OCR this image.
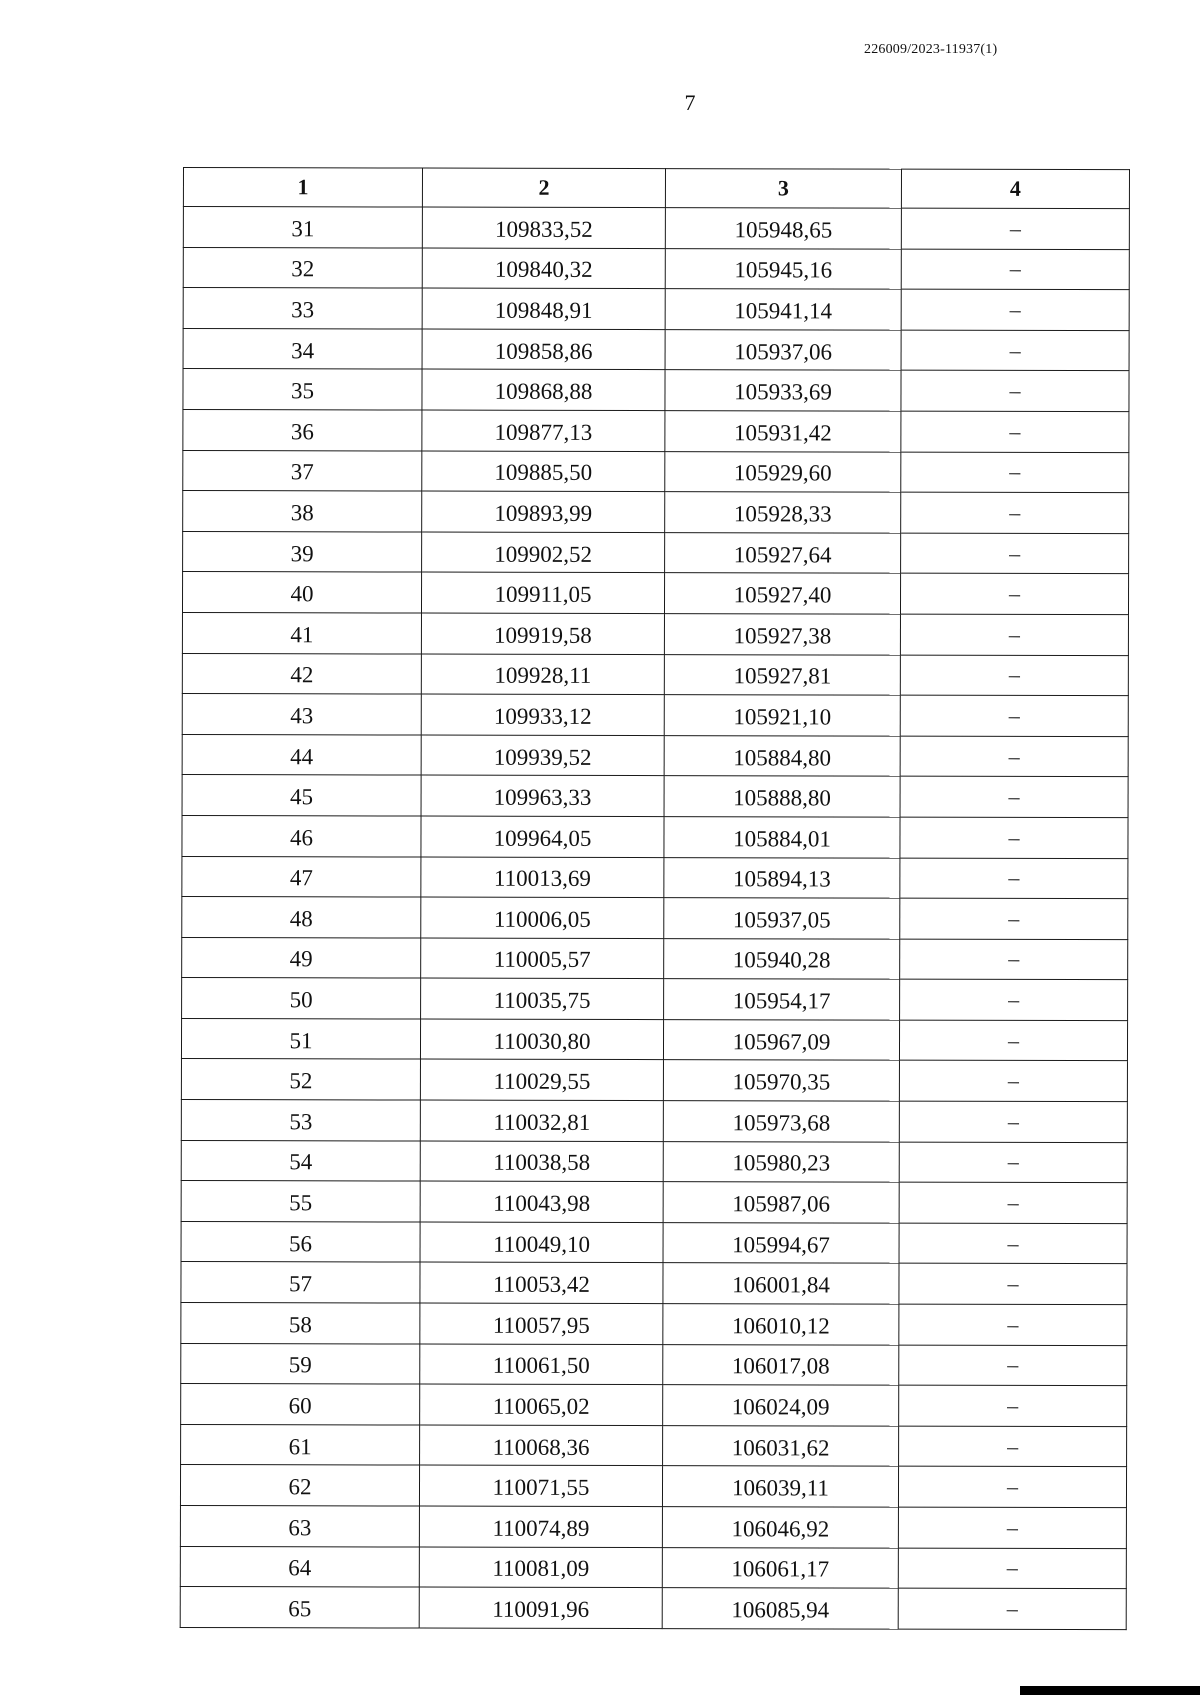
226009/2023-11937(1)
7
1	2	3	4
31	109833,52	105948,65	–
32	109840,32	105945,16	–
33	109848,91	105941,14	–
34	109858,86	105937,06	–
35	109868,88	105933,69	–
36	109877,13	105931,42	–
37	109885,50	105929,60	–
38	109893,99	105928,33	–
39	109902,52	105927,64	–
40	109911,05	105927,40	–
41	109919,58	105927,38	–
42	109928,11	105927,81	–
43	109933,12	105921,10	–
44	109939,52	105884,80	–
45	109963,33	105888,80	–
46	109964,05	105884,01	–
47	110013,69	105894,13	–
48	110006,05	105937,05	–
49	110005,57	105940,28	–
50	110035,75	105954,17	–
51	110030,80	105967,09	–
52	110029,55	105970,35	–
53	110032,81	105973,68	–
54	110038,58	105980,23	–
55	110043,98	105987,06	–
56	110049,10	105994,67	–
57	110053,42	106001,84	–
58	110057,95	106010,12	–
59	110061,50	106017,08	–
60	110065,02	106024,09	–
61	110068,36	106031,62	–
62	110071,55	106039,11	–
63	110074,89	106046,92	–
64	110081,09	106061,17	–
65	110091,96	106085,94	–
